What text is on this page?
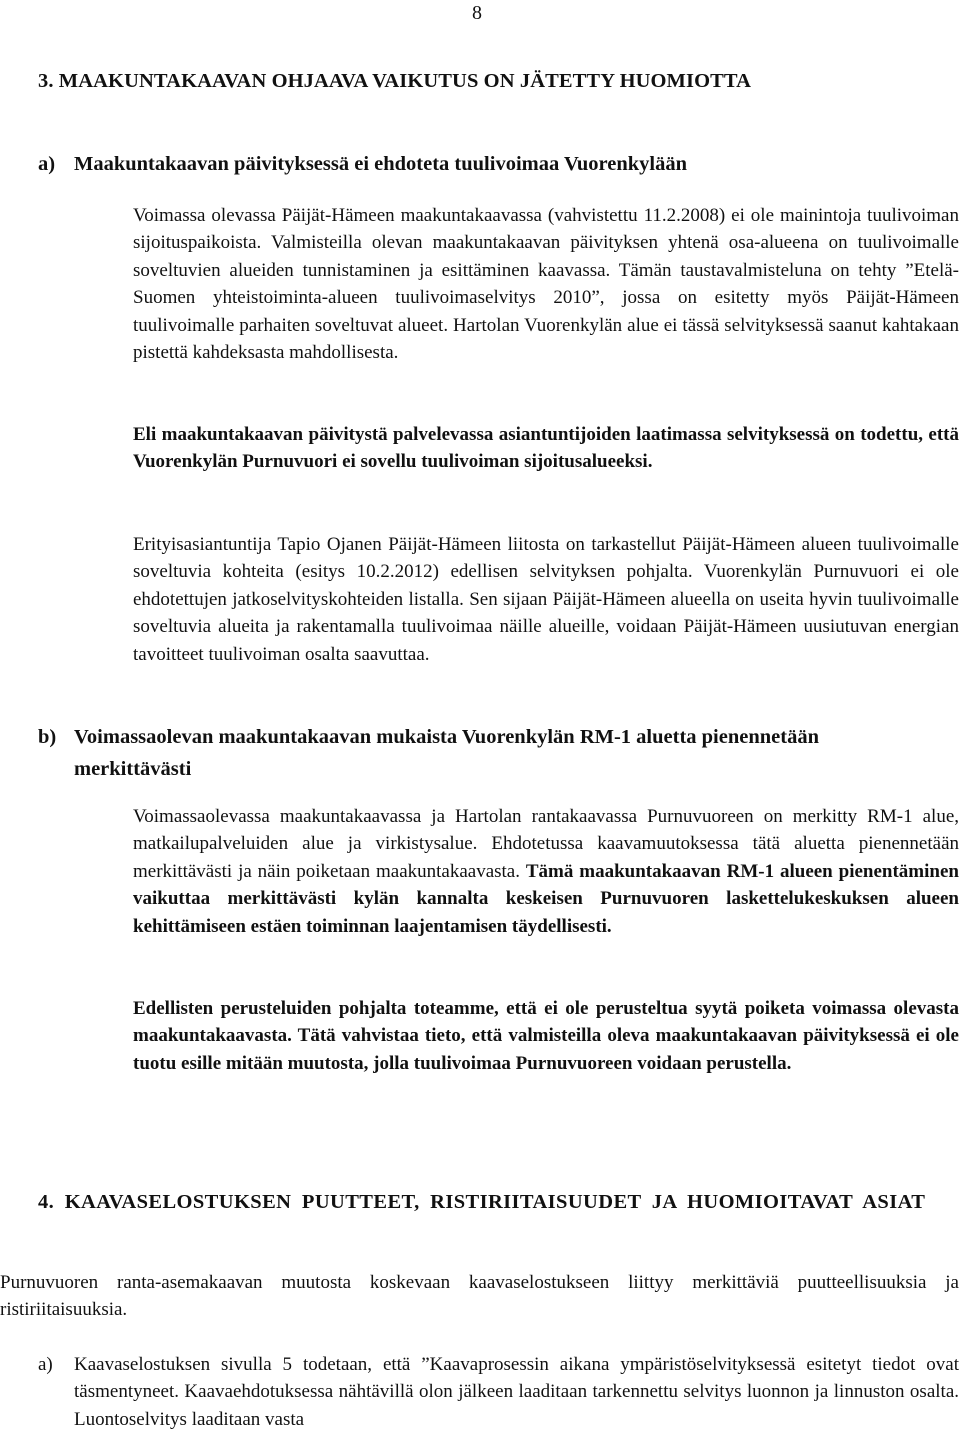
8
3. MAAKUNTAKAAVAN OHJAAVA VAIKUTUS ON JÄTETTY HUOMIOTTA
a) Maakuntakaavan päivityksessä ei ehdoteta tuulivoimaa Vuorenkylään
Voimassa olevassa Päijät-Hämeen maakuntakaavassa (vahvistettu 11.2.2008) ei ole mainintoja tuulivoiman sijoituspaikoista. Valmisteilla olevan maakuntakaavan päivityksen yhtenä osa-alueena on tuulivoimalle soveltuvien alueiden tunnistaminen ja esittäminen kaavassa. Tämän taustavalmisteluna on tehty ”Etelä-Suomen yhteistoiminta-alueen tuulivoimaselvitys 2010”, jossa on esitetty myös Päijät-Hämeen tuulivoimalle parhaiten soveltuvat alueet. Hartolan Vuorenkylän alue ei tässä selvityksessä saanut kahtakaan pistettä kahdeksasta mahdollisesta.
Eli maakuntakaavan päivitystä palvelevassa asiantuntijoiden laatimassa selvityksessä on todettu, että Vuorenkylän Purnuvuori ei sovellu tuulivoiman sijoitusalueeksi.
Erityisasiantuntija Tapio Ojanen Päijät-Hämeen liitosta on tarkastellut Päijät-Hämeen alueen tuulivoimalle soveltuvia kohteita (esitys 10.2.2012) edellisen selvityksen pohjalta. Vuorenkylän Purnuvuori ei ole ehdotettujen jatkoselvityskohteiden listalla. Sen sijaan Päijät-Hämeen alueella on useita hyvin tuulivoimalle soveltuvia alueita ja rakentamalla tuulivoimaa näille alueille, voidaan Päijät-Hämeen uusiutuvan energian tavoitteet tuulivoiman osalta saavuttaa.
b) Voimassaolevan maakuntakaavan mukaista Vuorenkylän RM-1 aluetta pienennetään
merkittävästi
Voimassaolevassa maakuntakaavassa ja Hartolan rantakaavassa Purnuvuoreen on merkitty RM-1 alue, matkailupalveluiden alue ja virkistysalue. Ehdotetussa kaavamuutoksessa tätä aluetta pienennetään merkittävästi ja näin poiketaan maakuntakaavasta. Tämä maakuntakaavan RM-1 alueen pienentäminen vaikuttaa merkittävästi kylän kannalta keskeisen Purnuvuoren laskettelukeskuksen alueen kehittämiseen estäen toiminnan laajentamisen täydellisesti.
Edellisten perusteluiden pohjalta toteamme, että ei ole perusteltua syytä poiketa voimassa olevasta maakuntakaavasta. Tätä vahvistaa tieto, että valmisteilla oleva maakuntakaavan päivityksessä ei ole tuotu esille mitään muutosta, jolla tuulivoimaa Purnuvuoreen voidaan perustella.
4. KAAVASELOSTUKSEN PUUTTEET, RISTIRIITAISUUDET JA HUOMIOITAVAT ASIAT
Purnuvuoren ranta-asemakaavan muutosta koskevaan kaavaselostukseen liittyy merkittäviä puutteellisuuksia ja ristiriitaisuuksia.
a) Kaavaselostuksen sivulla 5 todetaan, että ”Kaavaprosessin aikana ympäristöselvityksessä esitetyt tiedot ovat täsmentyneet. Kaavaehdotuksessa nähtävillä olon jälkeen laaditaan tarkennettu selvitys luonnon ja linnuston osalta. Luontoselvitys laaditaan vasta
